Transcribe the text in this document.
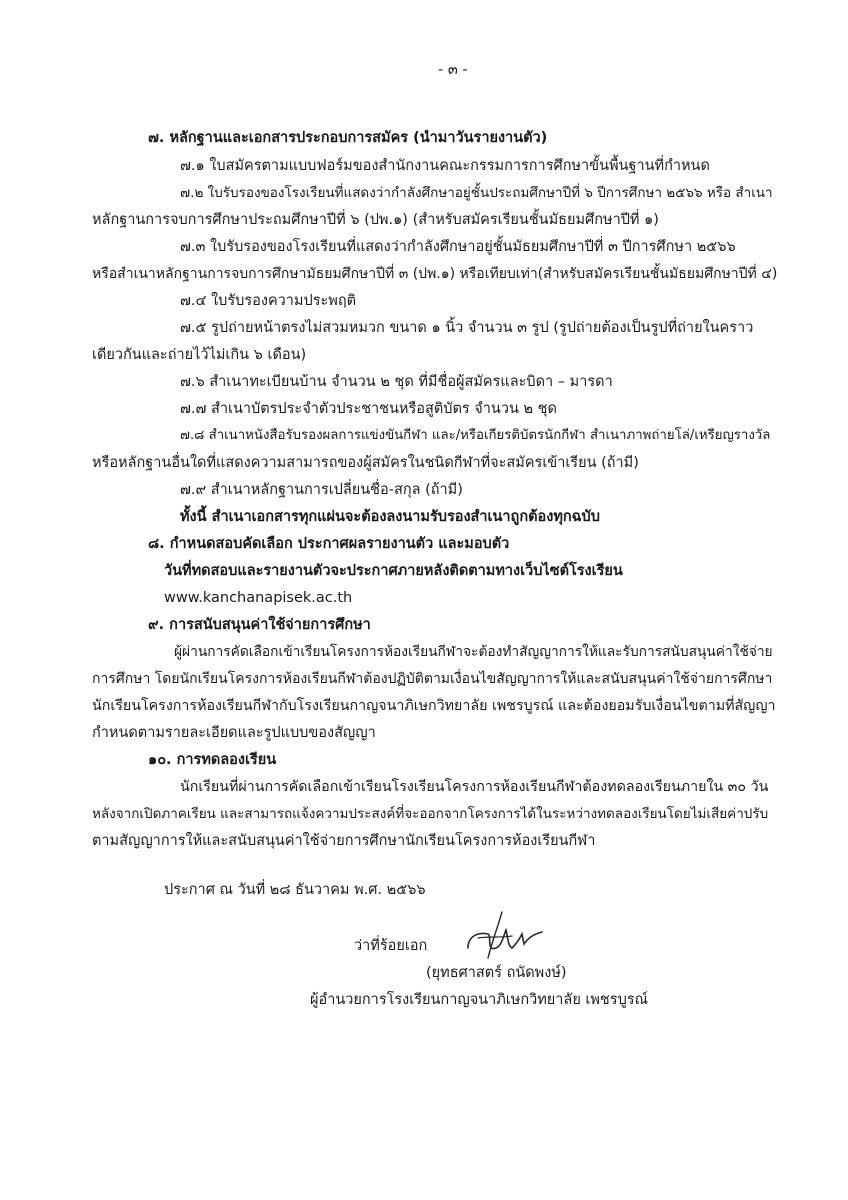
- ๓ -
๗. หลักฐานและเอกสารประกอบการสมัคร (นำมาวันรายงานตัว)
๗.๑ ใบสมัครตามแบบฟอร์มของสำนักงานคณะกรรมการการศึกษาขั้นพื้นฐานที่กำหนด
๗.๒ ใบรับรองของโรงเรียนที่แสดงว่ากำลังศึกษาอยู่ชั้นประถมศึกษาปีที่ ๖ ปีการศึกษา ๒๕๖๖ หรือ สำเนา
หลักฐานการจบการศึกษาประถมศึกษาปีที่ ๖ (ปพ.๑) (สำหรับสมัครเรียนชั้นมัธยมศึกษาปีที่ ๑)
๗.๓ ใบรับรองของโรงเรียนที่แสดงว่ากำลังศึกษาอยู่ชั้นมัธยมศึกษาปีที่ ๓ ปีการศึกษา ๒๕๖๖
หรือสำเนาหลักฐานการจบการศึกษามัธยมศึกษาปีที่ ๓ (ปพ.๑) หรือเทียบเท่า(สำหรับสมัครเรียนชั้นมัธยมศึกษาปีที่ ๔)
๗.๔ ใบรับรองความประพฤติ
๗.๕ รูปถ่ายหน้าตรงไม่สวมหมวก ขนาด ๑ นิ้ว จำนวน ๓ รูป (รูปถ่ายต้องเป็นรูปที่ถ่ายในคราว
เดียวกันและถ่ายไว้ไม่เกิน ๖ เดือน)
๗.๖ สำเนาทะเบียนบ้าน จำนวน ๒ ชุด ที่มีชื่อผู้สมัครและบิดา – มารดา
๗.๗ สำเนาบัตรประจำตัวประชาชนหรือสูติบัตร จำนวน ๒ ชุด
๗.๘ สำเนาหนังสือรับรองผลการแข่งขันกีฬา และ/หรือเกียรติบัตรนักกีฬา สำเนาภาพถ่ายโล่/เหรียญรางวัล
หรือหลักฐานอื่นใดที่แสดงความสามารถของผู้สมัครในชนิดกีฬาที่จะสมัครเข้าเรียน (ถ้ามี)
๗.๙ สำเนาหลักฐานการเปลี่ยนชื่อ-สกุล (ถ้ามี)
ทั้งนี้ สำเนาเอกสารทุกแผ่นจะต้องลงนามรับรองสำเนาถูกต้องทุกฉบับ
๘. กำหนดสอบคัดเลือก ประกาศผลรายงานตัว และมอบตัว
วันที่ทดสอบและรายงานตัวจะประกาศภายหลังติดตามทางเว็บไซต์โรงเรียน
www.kanchanapisek.ac.th
๙. การสนับสนุนค่าใช้จ่ายการศึกษา
ผู้ผ่านการคัดเลือกเข้าเรียนโครงการห้องเรียนกีฬาจะต้องทำสัญญาการให้และรับการสนับสนุนค่าใช้จ่าย
การศึกษา โดยนักเรียนโครงการห้องเรียนกีฬาต้องปฏิบัติตามเงื่อนไขสัญญาการให้และสนับสนุนค่าใช้จ่ายการศึกษา
นักเรียนโครงการห้องเรียนกีฬากับโรงเรียนกาญจนาภิเษกวิทยาลัย เพชรบูรณ์ และต้องยอมรับเงื่อนไขตามที่สัญญา
กำหนดตามรายละเอียดและรูปแบบของสัญญา
๑๐. การทดลองเรียน
นักเรียนที่ผ่านการคัดเลือกเข้าเรียนโรงเรียนโครงการห้องเรียนกีฬาต้องทดลองเรียนภายใน ๓๐ วัน
หลังจากเปิดภาคเรียน และสามารถแจ้งความประสงค์ที่จะออกจากโครงการได้ในระหว่างทดลองเรียนโดยไม่เสียค่าปรับ
ตามสัญญาการให้และสนับสนุนค่าใช้จ่ายการศึกษานักเรียนโครงการห้องเรียนกีฬา
ประกาศ ณ วันที่ ๒๘ ธันวาคม พ.ศ. ๒๕๖๖
ว่าที่ร้อยเอก
(ยุทธศาสตร์ ถนัดพงษ์)
ผู้อำนวยการโรงเรียนกาญจนาภิเษกวิทยาลัย เพชรบูรณ์
